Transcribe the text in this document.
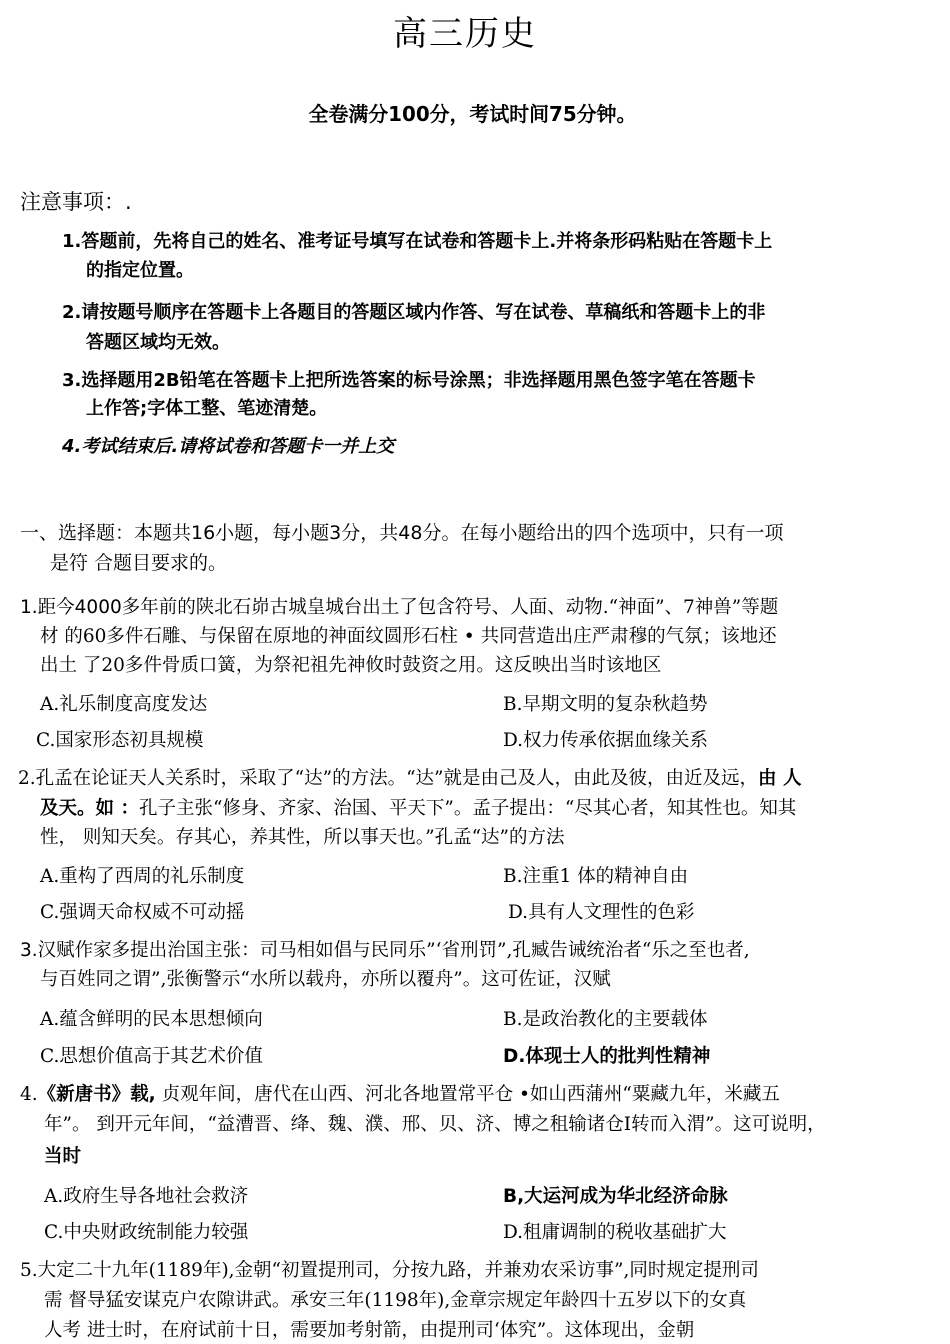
高三历史
全卷满分100分，考试时间75分钟。
注意事项：.
1.答题前，先将自己的姓名、准考证号填写在试卷和答题卡上.并将条形码粘贴在答题卡上
的指定位置。
2.请按题号顺序在答题卡上各题目的答题区域内作答、写在试卷、草稿纸和答题卡上的非
答题区域均无效。
3.选择题用2B铅笔在答题卡上把所选答案的标号涂黑；非选择题用黑色签字笔在答题卡
上作答;字体工整、笔迹清楚。
4.考试结束后.请将试卷和答题卡一并上交
一、选择题：本题共16小题，每小题3分，共48分。在每小题给出的四个选项中，只有一项
是符 合题目要求的。
1.距今4000多年前的陕北石峁古城皇城台出土了包含符号、人面、动物.“神面”、7神兽”等题
材 的60多件石雕、与保留在原地的神面纹圆形石柱 • 共同营造出庄严肃穆的气氛；该地还
出土 了20多件骨质口簧，为祭祀祖先神攸时鼓资之用。这反映出当时该地区
A.礼乐制度高度发达	B.早期文明的复杂秋趋势
C.国家形态初具规模	D.权力传承依据血缘关系
2.孔孟在论证天人关系时，采取了“达”的方法。“达”就是由己及人，由此及彼，由近及远，由 人
及天。如 ：孔子主张“修身、齐家、治国、平天下”。孟子提出：“尽其心者，知其性也。知其
性， 则知天矣。存其心，养其性，所以事天也。”孔孟“达”的方法
A.重构了西周的礼乐制度	B.注重1 体的精神自由
C.强调天命权威不可动摇	D.具有人文理性的色彩
3.汉赋作家多提出治国主张：司马相如倡与民同乐”‘省刑罚”,孔臧告诫统治者“乐之至也者,
与百姓同之谓”,张衡警示“水所以载舟，亦所以覆舟”。这可佐证，汉赋
A.蕴含鲜明的民本思想倾向	B.是政治教化的主要载体
C.思想价值高于其艺术价值	D.体现士人的批判性精神
4.《新唐书》载, 贞观年间，唐代在山西、河北各地置常平仓 •如山西蒲州“粟藏九年，米藏五
年”。 到开元年间，“益漕晋、绛、魏、濮、邢、贝、济、博之租输诸仓I转而入渭”。这可说明，
当时
A.政府生导各地社会救济	B,大运河成为华北经济命脉
C.中央财政统制能力较强	D.租庸调制的税收基础扩大
5.大定二十九年(1189年),金朝“初置提刑司，分按九路，并兼劝农采访事”,同时规定提刑司
需 督导猛安谋克户农隙讲武。承安三年(1198年),金章宗规定年龄四十五岁以下的女真
人考 进士时，在府试前十日，需要加考射箭，由提刑司‘体究”。这体现出，金朝
